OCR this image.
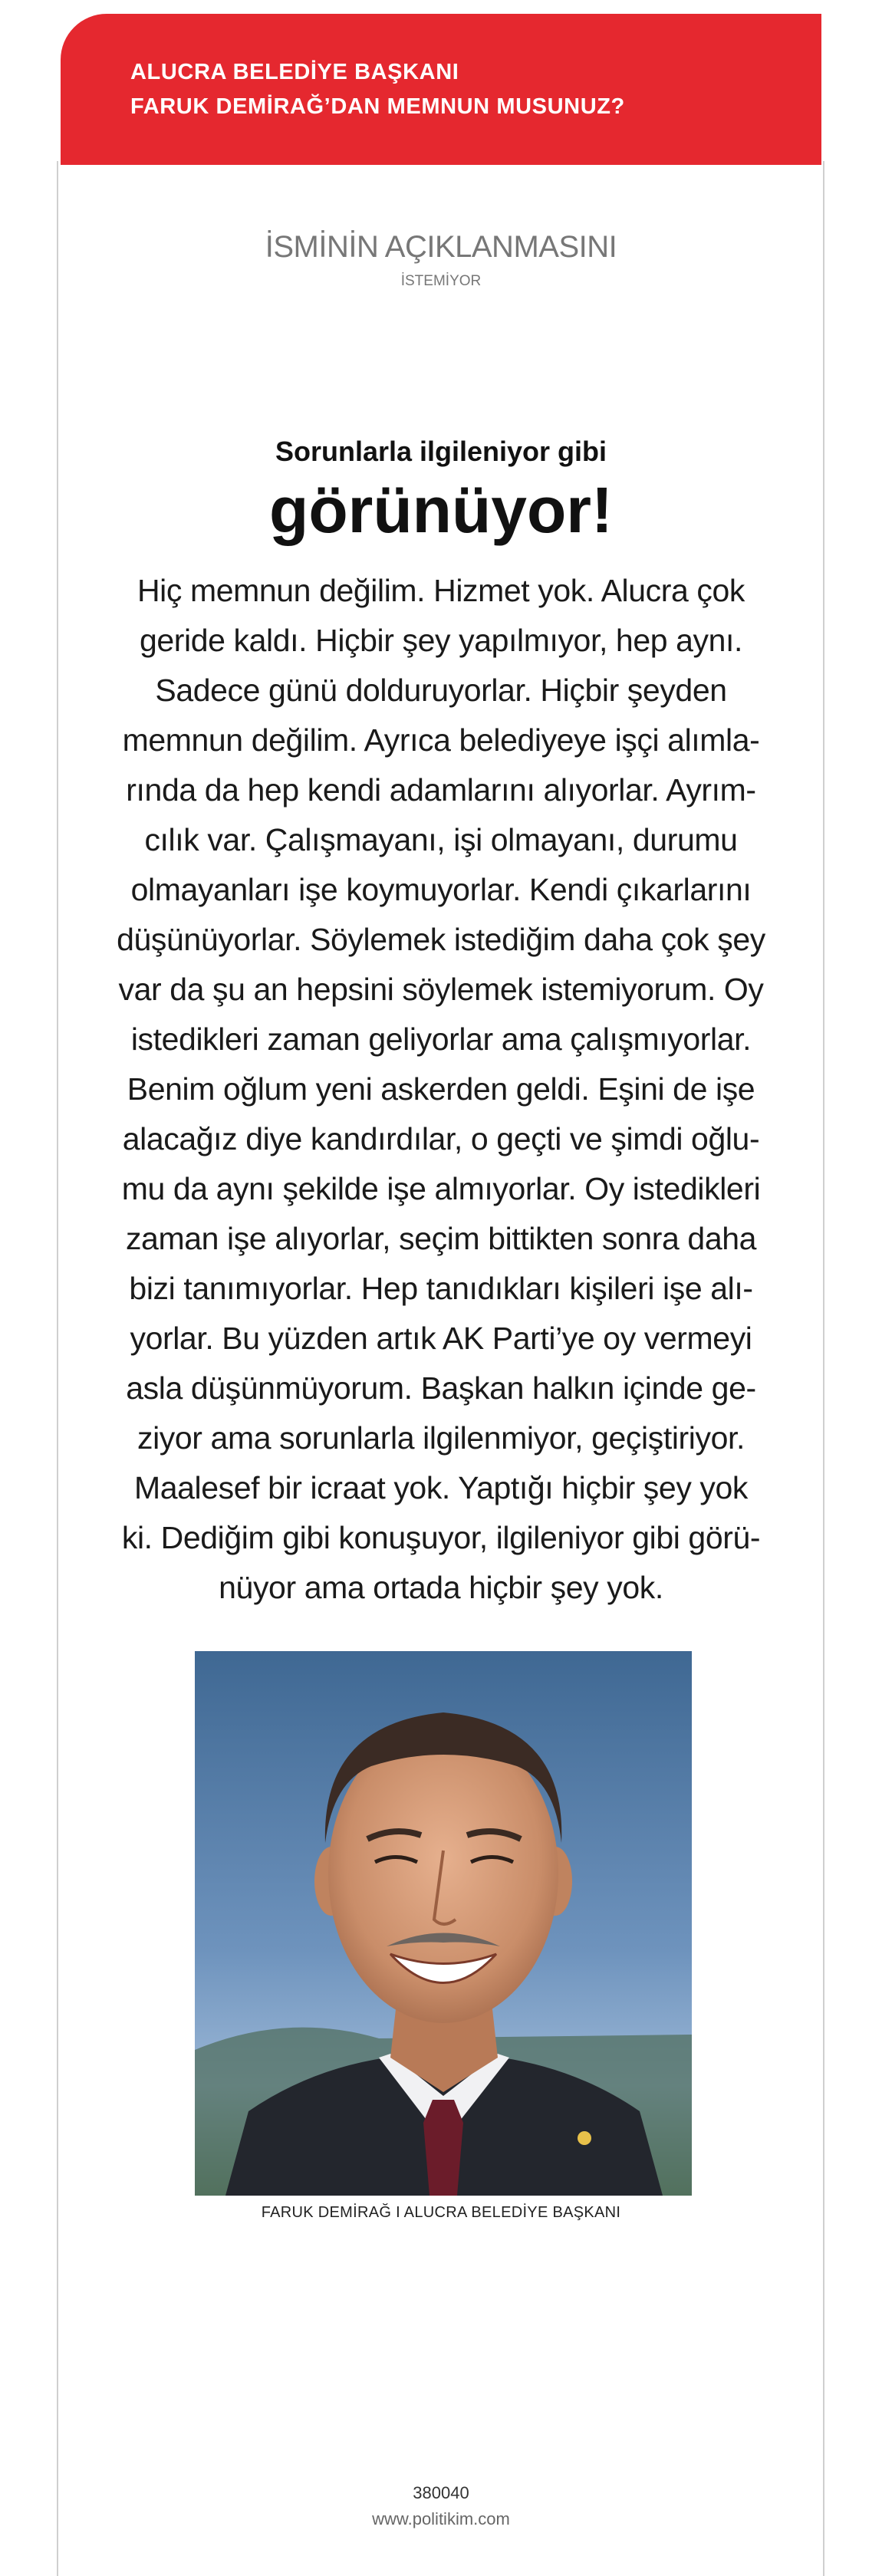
ALUCRA BELEDİYE BAŞKANI
FARUK DEMİRAĞ’DAN MEMNUN MUSUNUZ?
İSMİNİN AÇIKLANMASINI
İSTEMİYOR
Sorunlarla ilgileniyor gibi
görünüyor!
Hiç memnun değilim. Hizmet yok. Alucra çok
geride kaldı. Hiçbir şey yapılmıyor, hep aynı.
Sadece günü dolduruyorlar. Hiçbir şeyden
memnun değilim. Ayrıca belediyeye işçi alımla-
rında da hep kendi adamlarını alıyorlar. Ayrım-
cılık var. Çalışmayanı, işi olmayanı, durumu
olmayanları işe koymuyorlar. Kendi çıkarlarını
düşünüyorlar. Söylemek istediğim daha çok şey
var da şu an hepsini söylemek istemiyorum. Oy
istedikleri zaman geliyorlar ama çalışmıyorlar.
Benim oğlum yeni askerden geldi. Eşini de işe
alacağız diye kandırdılar, o geçti ve şimdi oğlu-
mu da aynı şekilde işe almıyorlar. Oy istedikleri
zaman işe alıyorlar, seçim bittikten sonra daha
bizi tanımıyorlar. Hep tanıdıkları kişileri işe alı-
yorlar. Bu yüzden artık AK Parti’ye oy vermeyi
asla düşünmüyorum. Başkan halkın içinde ge-
ziyor ama sorunlarla ilgilenmiyor, geçiştiriyor.
Maalesef bir icraat yok. Yaptığı hiçbir şey yok
ki. Dediğim gibi konuşuyor, ilgileniyor gibi görü-
nüyor ama ortada hiçbir şey yok.
FARUK DEMİRAĞ I ALUCRA BELEDİYE BAŞKANI
380040
www.politikim.com
